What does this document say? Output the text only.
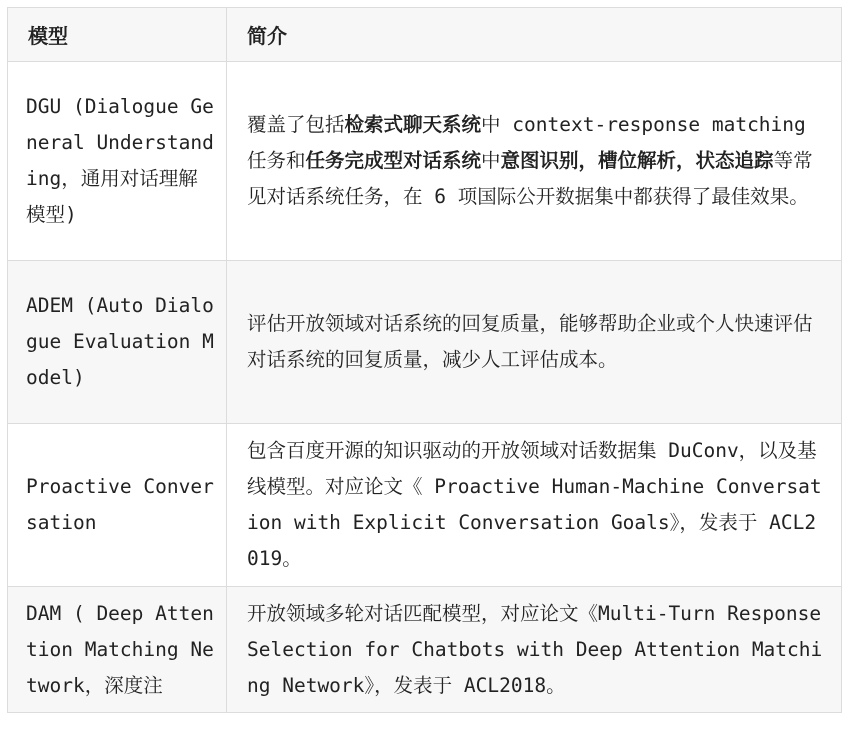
模型	简介
DGU (Dialogue General Understanding，通用对话理解模型)	覆盖了包括检索式聊天系统中 context-response matching 任务和任务完成型对话系统中意图识别，槽位解析，状态追踪等常见对话系统任务，在 6 项国际公开数据集中都获得了最佳效果。
ADEM (Auto Dialogue Evaluation Model)	评估开放领域对话系统的回复质量，能够帮助企业或个人快速评估对话系统的回复质量，减少人工评估成本。
Proactive Conversation	包含百度开源的知识驱动的开放领域对话数据集 DuConv，以及基线模型。对应论文《 Proactive Human-Machine Conversation with Explicit Conversation Goals》，发表于 ACL2019。

DAM ( Deep Attention Matching Network，深度注	开放领域多轮对话匹配模型，对应论文《Multi-Turn Response Selection for Chatbots with Deep Attention Matching Network》，发表于 ACL2018。
